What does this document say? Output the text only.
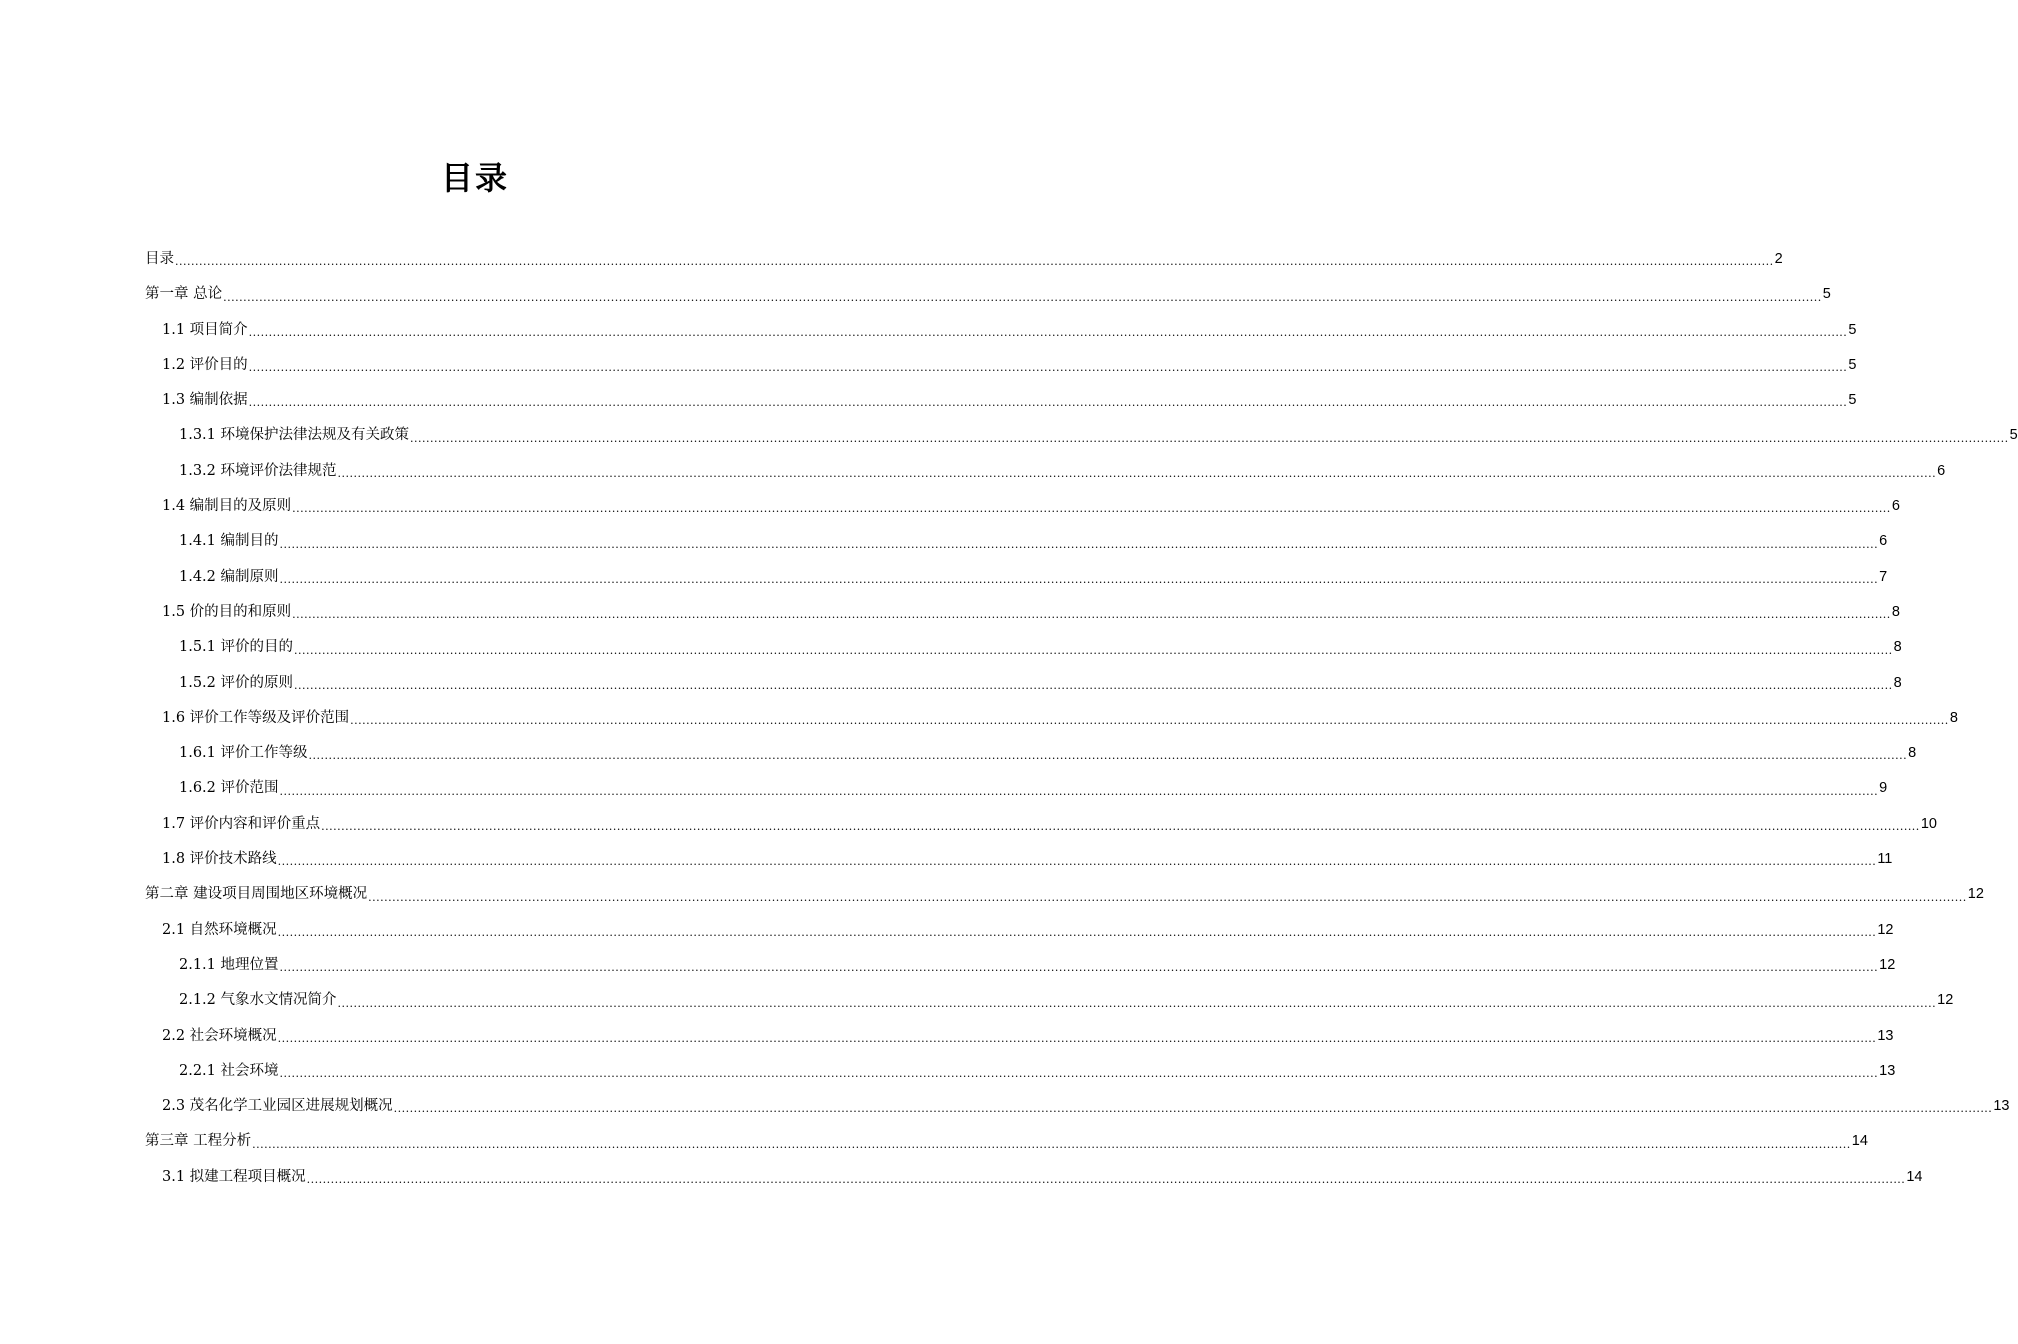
目录
目录 ................................................................................................................................................................................................................................................................................................................................................................................................................ 2
第一章 总论 ................................................................................................................................................................................................................................................................................................................................................................................................................ 5
1.1 项目简介 ................................................................................................................................................................................................................................................................................................................................................................................................................ 5
1.2 评价目的 ................................................................................................................................................................................................................................................................................................................................................................................................................ 5
1.3 编制依据 ................................................................................................................................................................................................................................................................................................................................................................................................................ 5
1.3.1 环境保护法律法规及有关政策 ................................................................................................................................................................................................................................................................................................................................................................................................................ 5
1.3.2 环境评价法律规范 ................................................................................................................................................................................................................................................................................................................................................................................................................ 6
1.4 编制目的及原则 ................................................................................................................................................................................................................................................................................................................................................................................................................ 6
1.4.1 编制目的 ................................................................................................................................................................................................................................................................................................................................................................................................................ 6
1.4.2 编制原则 ................................................................................................................................................................................................................................................................................................................................................................................................................ 7
1.5 价的目的和原则 ................................................................................................................................................................................................................................................................................................................................................................................................................ 8
1.5.1 评价的目的 ................................................................................................................................................................................................................................................................................................................................................................................................................ 8
1.5.2 评价的原则 ................................................................................................................................................................................................................................................................................................................................................................................................................ 8
1.6 评价工作等级及评价范围 ................................................................................................................................................................................................................................................................................................................................................................................................................ 8
1.6.1 评价工作等级 ................................................................................................................................................................................................................................................................................................................................................................................................................ 8
1.6.2 评价范围 ................................................................................................................................................................................................................................................................................................................................................................................................................ 9
1.7 评价内容和评价重点 ................................................................................................................................................................................................................................................................................................................................................................................................................ 10
1.8 评价技术路线 ................................................................................................................................................................................................................................................................................................................................................................................................................ 11
第二章 建设项目周围地区环境概况 ................................................................................................................................................................................................................................................................................................................................................................................................................ 12
2.1 自然环境概况 ................................................................................................................................................................................................................................................................................................................................................................................................................ 12
2.1.1 地理位置 ................................................................................................................................................................................................................................................................................................................................................................................................................ 12
2.1.2 气象水文情况简介 ................................................................................................................................................................................................................................................................................................................................................................................................................ 12
2.2 社会环境概况 ................................................................................................................................................................................................................................................................................................................................................................................................................ 13
2.2.1 社会环境 ................................................................................................................................................................................................................................................................................................................................................................................................................ 13
2.3 茂名化学工业园区进展规划概况 ................................................................................................................................................................................................................................................................................................................................................................................................................ 13
第三章 工程分析 ................................................................................................................................................................................................................................................................................................................................................................................................................ 14
3.1 拟建工程项目概况 ................................................................................................................................................................................................................................................................................................................................................................................................................ 14
